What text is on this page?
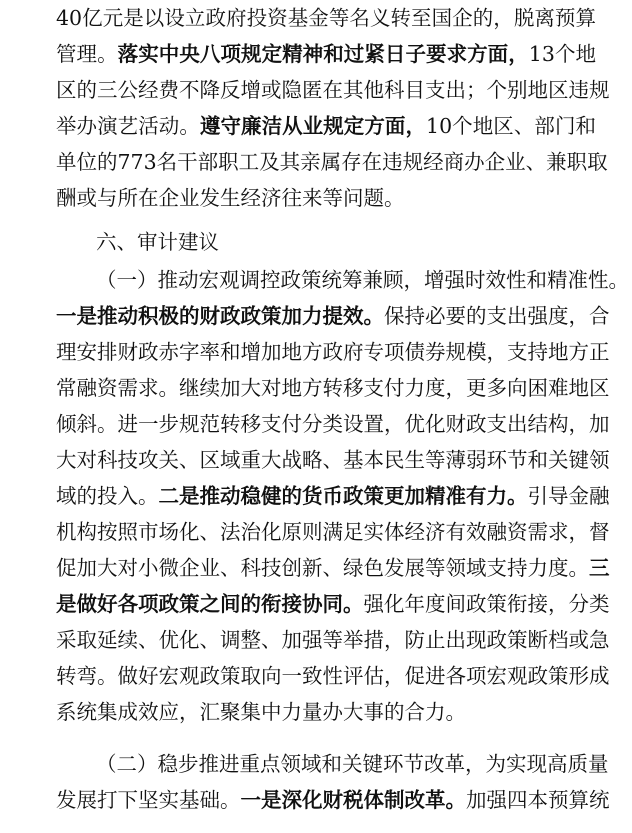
40亿元是以设立政府投资基金等名义转至国企的，脱离预算
管理。落实中央八项规定精神和过紧日子要求方面，13个地
区的三公经费不降反增或隐匿在其他科目支出；个别地区违规
举办演艺活动。遵守廉洁从业规定方面，10个地区、部门和
单位的773名干部职工及其亲属存在违规经商办企业、兼职取
酬或与所在企业发生经济往来等问题。
六、审计建议
（一）推动宏观调控政策统筹兼顾，增强时效性和精准性。
一是推动积极的财政政策加力提效。保持必要的支出强度，合
理安排财政赤字率和增加地方政府专项债券规模，支持地方正
常融资需求。继续加大对地方转移支付力度，更多向困难地区
倾斜。进一步规范转移支付分类设置，优化财政支出结构，加
大对科技攻关、区域重大战略、基本民生等薄弱环节和关键领
域的投入。二是推动稳健的货币政策更加精准有力。引导金融
机构按照市场化、法治化原则满足实体经济有效融资需求，督
促加大对小微企业、科技创新、绿色发展等领域支持力度。三
是做好各项政策之间的衔接协同。强化年度间政策衔接，分类
采取延续、优化、调整、加强等举措，防止出现政策断档或急
转弯。做好宏观政策取向一致性评估，促进各项宏观政策形成
系统集成效应，汇聚集中力量办大事的合力。
（二）稳步推进重点领域和关键环节改革，为实现高质量
发展打下坚实基础。一是深化财税体制改革。加强四本预算统
